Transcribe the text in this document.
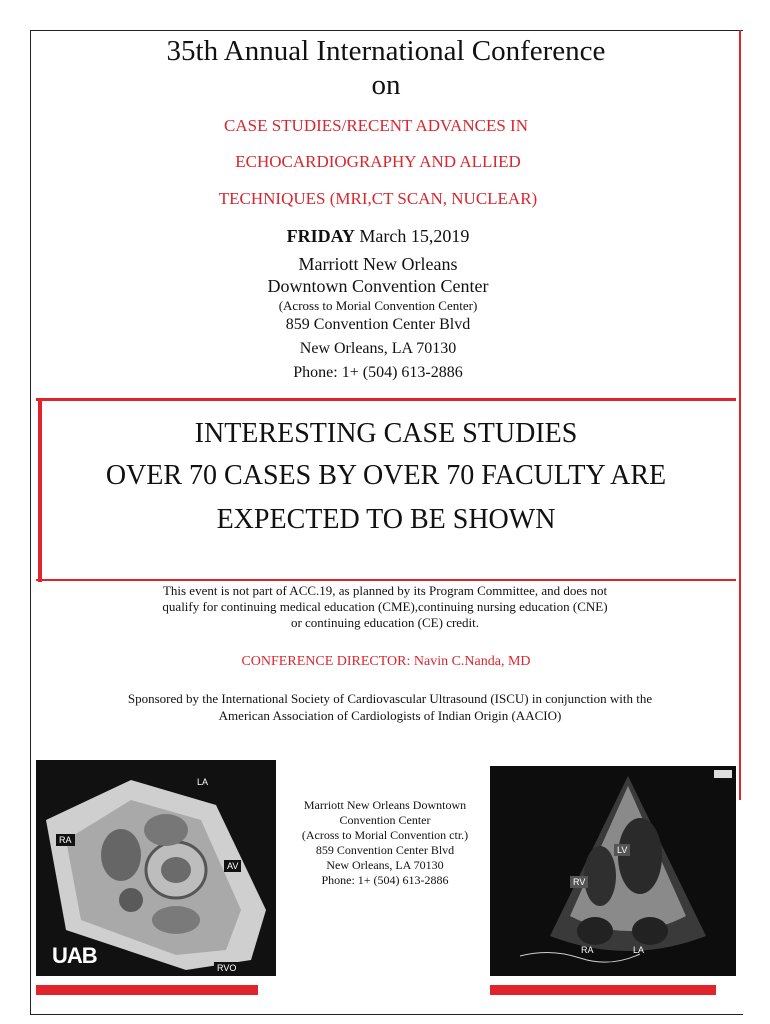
35th Annual International Conference
on
CASE STUDIES/RECENT ADVANCES IN
ECHOCARDIOGRAPHY AND ALLIED
TECHNIQUES (MRI,CT SCAN, NUCLEAR)
FRIDAY March 15,2019
Marriott New Orleans
Downtown Convention Center
(Across to Morial Convention Center)
859 Convention Center Blvd
New Orleans, LA 70130
Phone: 1+ (504) 613-2886
INTERESTING CASE STUDIES
OVER 70 CASES BY OVER 70 FACULTY ARE
EXPECTED TO BE SHOWN
This event is not part of ACC.19, as planned by its Program Committee, and does not
qualify for continuing medical education (CME),continuing nursing education (CNE)
or continuing education (CE) credit.
CONFERENCE DIRECTOR: Navin C.Nanda, MD
Sponsored by the International Society of Cardiovascular Ultrasound (ISCU) in conjunction with the
American Association of Cardiologists of Indian Origin (AACIO)
LA
RA
AV
RVO
UAB
Marriott New Orleans Downtown
Convention Center
(Across to Morial Convention ctr.)
859 Convention Center Blvd
New Orleans, LA 70130
Phone: 1+ (504) 613-2886
LV
RV
RA	LA
